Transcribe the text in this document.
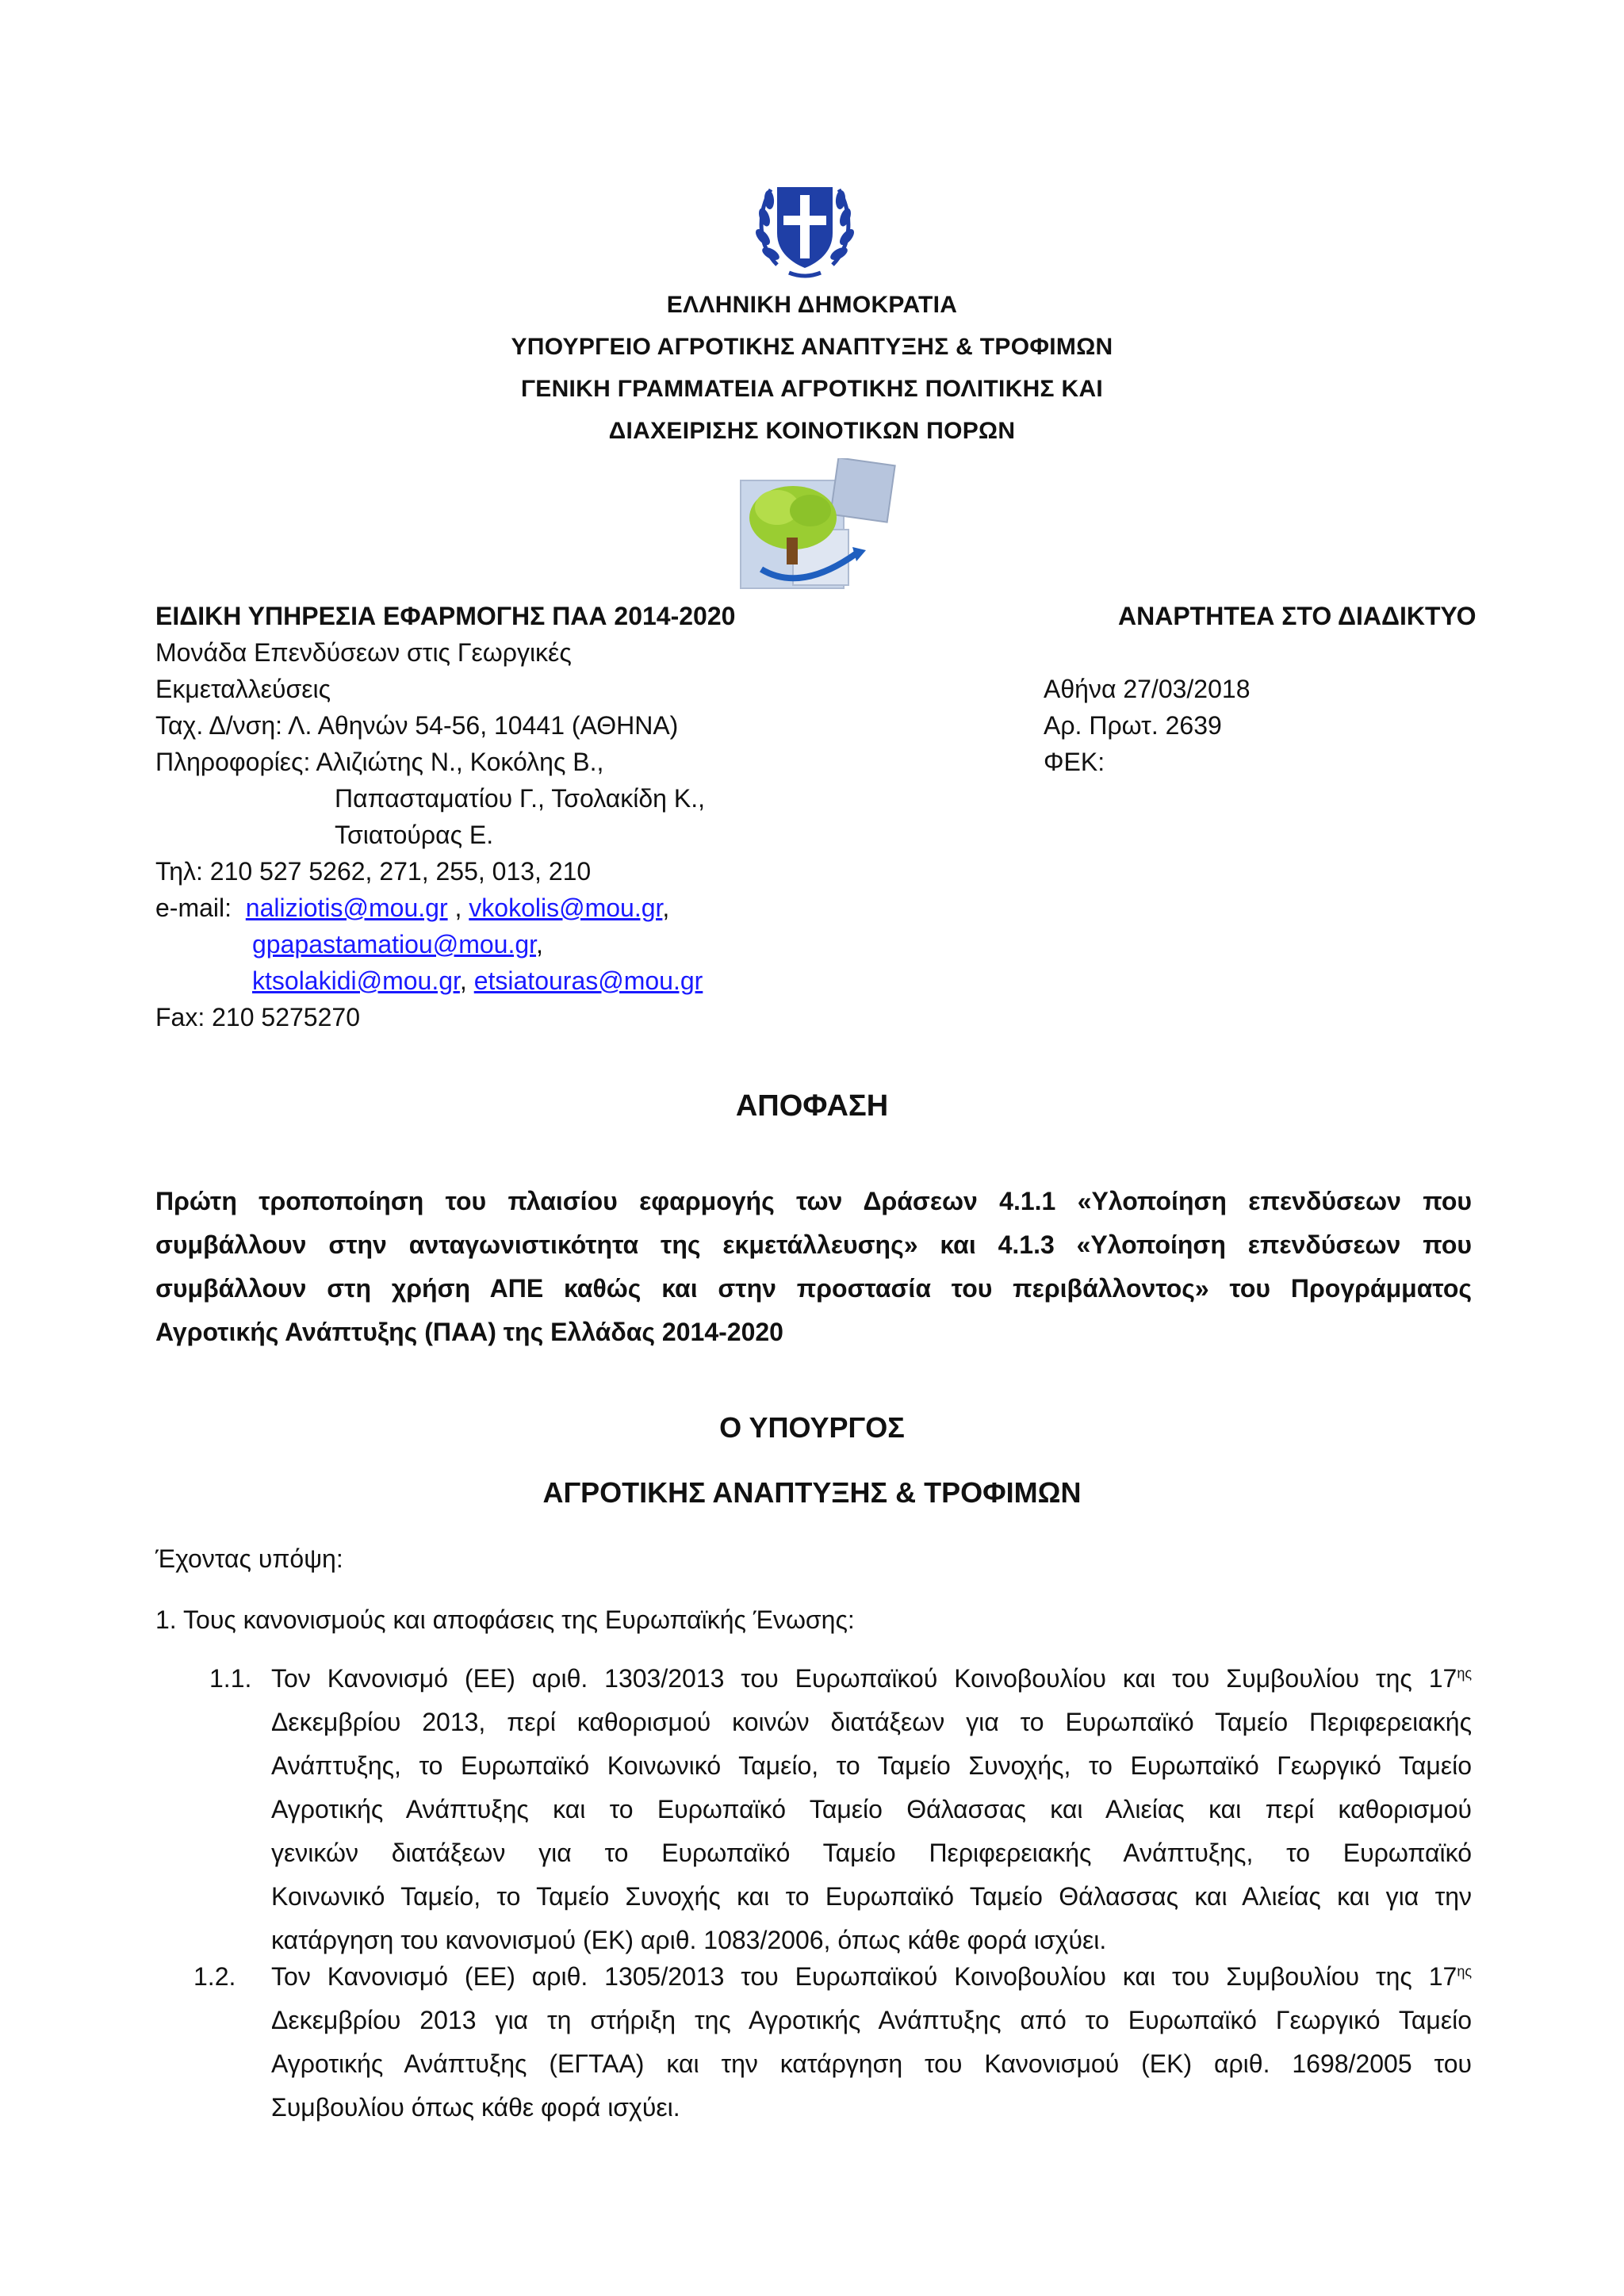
ΕΛΛΗΝΙΚΗ ΔΗΜΟΚΡΑΤΙΑ
ΥΠΟΥΡΓΕΙΟ ΑΓΡΟΤΙΚΗΣ ΑΝΑΠΤΥΞΗΣ & ΤΡΟΦΙΜΩΝ
ΓΕΝΙΚΗ ΓΡΑΜΜΑΤΕΙΑ ΑΓΡΟΤΙΚΗΣ ΠΟΛΙΤΙΚΗΣ ΚΑΙ
ΔΙΑΧΕΙΡΙΣΗΣ ΚΟΙΝΟΤΙΚΩΝ ΠΟΡΩΝ
ΕΙΔΙΚΗ ΥΠΗΡΕΣΙΑ ΕΦΑΡΜΟΓΗΣ ΠΑΑ 2014-2020
Μονάδα Επενδύσεων στις Γεωργικές
Εκμεταλλεύσεις
Ταχ. Δ/νση: Λ. Αθηνών 54-56, 10441 (ΑΘΗΝΑ)
Πληροφορίες: Αλιζιώτης Ν., Κοκόλης Β.,
Παπασταματίου Γ., Τσολακίδη Κ.,
Τσιατούρας Ε.
Τηλ: 210 527 5262, 271, 255, 013, 210
e-mail: naliziotis@mou.gr , vkokolis@mou.gr,
gpapastamatiou@mou.gr,
ktsolakidi@mou.gr, etsiatouras@mou.gr
Fax: 210 5275270
ΑΝΑΡΤΗΤΕΑ ΣΤΟ ΔΙΑΔΙΚΤΥΟ
Αθήνα 27/03/2018
Αρ. Πρωτ. 2639
ΦΕΚ:
ΑΠΟΦΑΣΗ
Πρώτη τροποποίηση του πλαισίου εφαρμογής των Δράσεων 4.1.1 «Υλοποίηση επενδύσεων που
συμβάλλουν στην ανταγωνιστικότητα της εκμετάλλευσης» και 4.1.3 «Υλοποίηση επενδύσεων που
συμβάλλουν στη χρήση ΑΠΕ καθώς και στην προστασία του περιβάλλοντος» του Προγράμματος
Αγροτικής Ανάπτυξης (ΠΑΑ) της Ελλάδας 2014-2020
Ο ΥΠΟΥΡΓΟΣ
ΑΓΡΟΤΙΚΗΣ ΑΝΑΠΤΥΞΗΣ & ΤΡΟΦΙΜΩΝ
Έχοντας υπόψη:
1. Τους κανονισμούς και αποφάσεις της Ευρωπαϊκής Ένωσης:
1.1. Τον Κανονισμό (ΕΕ) αριθ. 1303/2013 του Ευρωπαϊκού Κοινοβουλίου και του Συμβουλίου της $17^{\eta\varsigma}$
Δεκεμβρίου 2013, περί καθορισμού κοινών διατάξεων για το Ευρωπαϊκό Ταμείο Περιφερειακής
Ανάπτυξης, το Ευρωπαϊκό Κοινωνικό Ταμείο, το Ταμείο Συνοχής, το Ευρωπαϊκό Γεωργικό Ταμείο
Αγροτικής Ανάπτυξης και το Ευρωπαϊκό Ταμείο Θάλασσας και Αλιείας και περί καθορισμού
γενικών διατάξεων για το Ευρωπαϊκό Ταμείο Περιφερειακής Ανάπτυξης, το Ευρωπαϊκό
Κοινωνικό Ταμείο, το Ταμείο Συνοχής και το Ευρωπαϊκό Ταμείο Θάλασσας και Αλιείας και για την
κατάργηση του κανονισμού (ΕΚ) αριθ. 1083/2006, όπως κάθε φορά ισχύει.
1.2. Τον Κανονισμό (ΕΕ) αριθ. 1305/2013 του Ευρωπαϊκού Κοινοβουλίου και του Συμβουλίου της $17^{\eta\varsigma}$
Δεκεμβρίου 2013 για τη στήριξη της Αγροτικής Ανάπτυξης από το Ευρωπαϊκό Γεωργικό Ταμείο
Αγροτικής Ανάπτυξης (ΕΓΤΑΑ) και την κατάργηση του Κανονισμού (ΕΚ) αριθ. 1698/2005 του
Συμβουλίου όπως κάθε φορά ισχύει.
